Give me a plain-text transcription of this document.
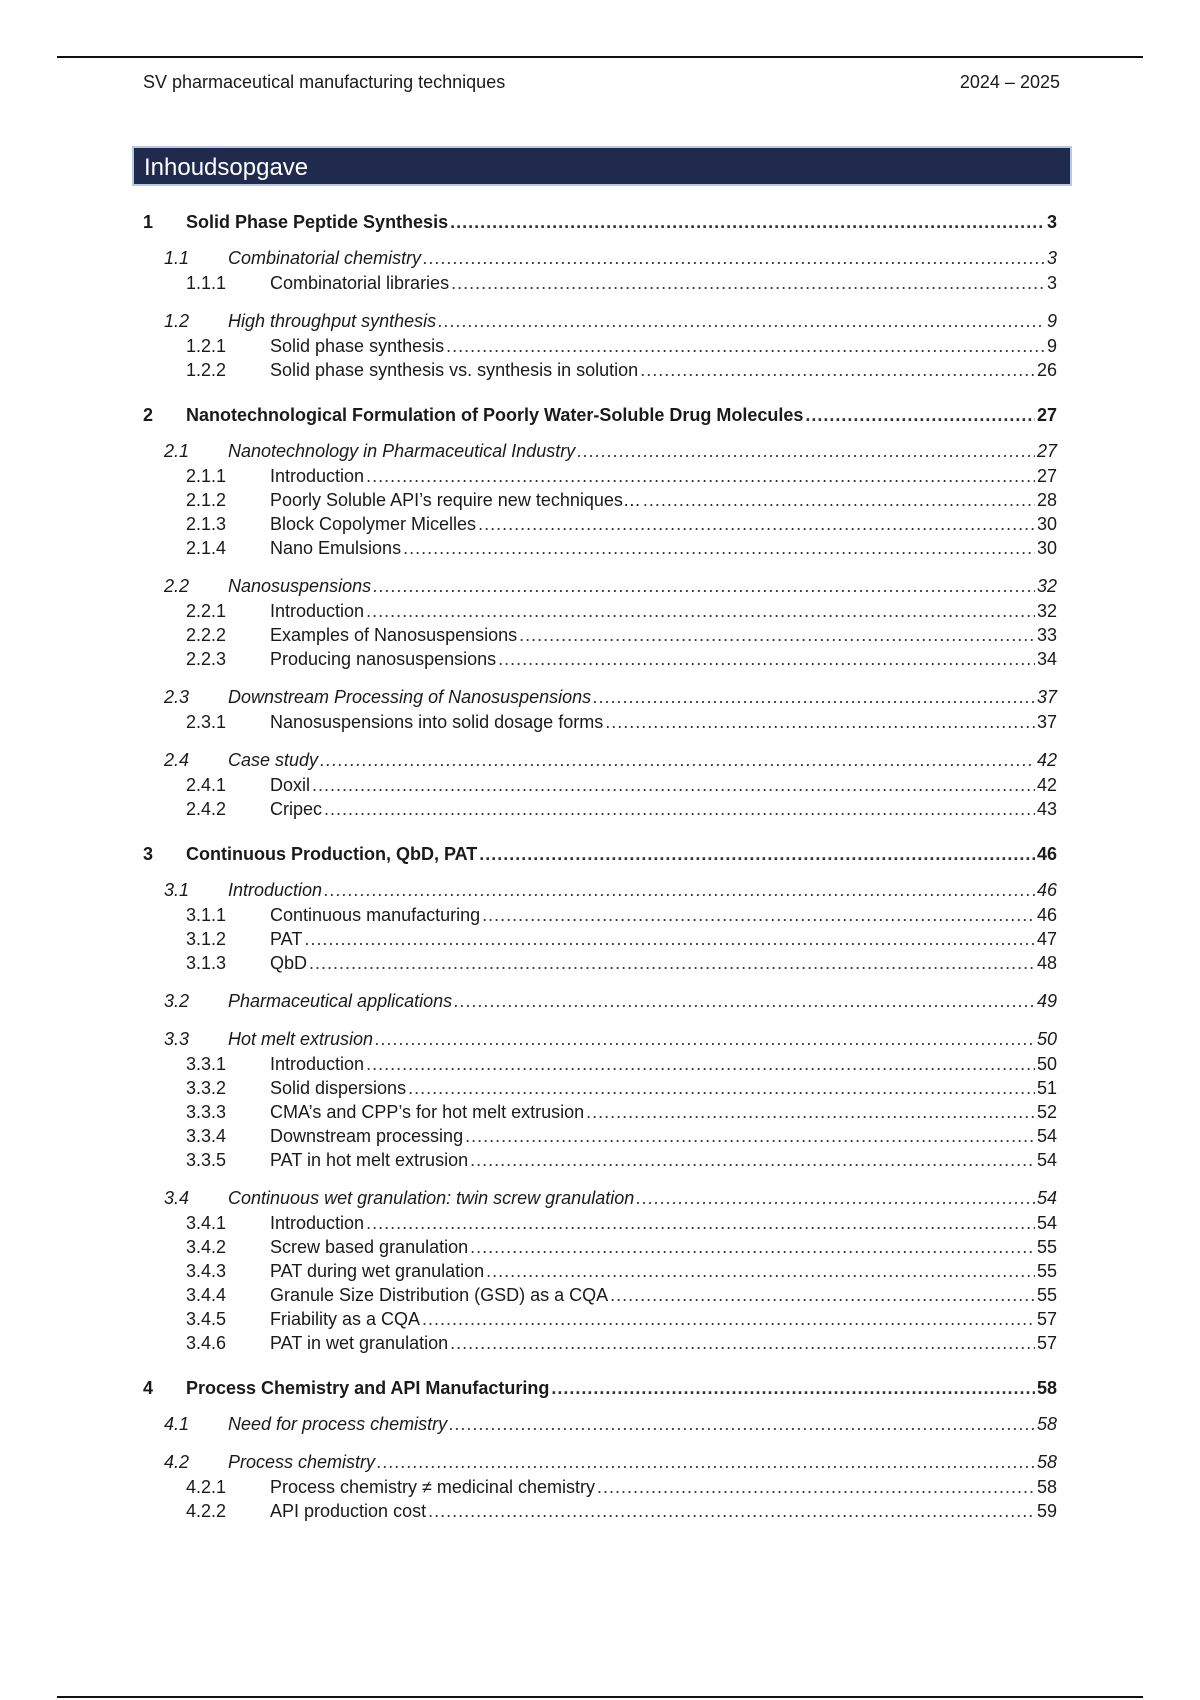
SV pharmaceutical manufacturing techniques	2024 – 2025
Inhoudsopgave
1 Solid Phase Peptide Synthesis .....	3
1.1 Combinatorial chemistry .....	3
1.1.1 Combinatorial libraries .....	3
1.2 High throughput synthesis .....	9
1.2.1 Solid phase synthesis .....	9
1.2.2 Solid phase synthesis vs. synthesis in solution .....	26
2 Nanotechnological Formulation of Poorly Water-Soluble Drug Molecules .....	27
2.1 Nanotechnology in Pharmaceutical Industry .....	27
2.1.1 Introduction .....	27
2.1.2 Poorly Soluble API’s require new techniques… .....	28
2.1.3 Block Copolymer Micelles .....	30
2.1.4 Nano Emulsions .....	30
2.2 Nanosuspensions .....	32
2.2.1 Introduction .....	32
2.2.2 Examples of Nanosuspensions .....	33
2.2.3 Producing nanosuspensions .....	34
2.3 Downstream Processing of Nanosuspensions .....	37
2.3.1 Nanosuspensions into solid dosage forms .....	37
2.4 Case study .....	42
2.4.1 Doxil .....	42
2.4.2 Cripec .....	43
3 Continuous Production, QbD, PAT .....	46
3.1 Introduction .....	46
3.1.1 Continuous manufacturing .....	46
3.1.2 PAT .....	47
3.1.3 QbD .....	48
3.2 Pharmaceutical applications .....	49
3.3 Hot melt extrusion .....	50
3.3.1 Introduction .....	50
3.3.2 Solid dispersions .....	51
3.3.3 CMA’s and CPP’s for hot melt extrusion .....	52
3.3.4 Downstream processing .....	54
3.3.5 PAT in hot melt extrusion .....	54
3.4 Continuous wet granulation: twin screw granulation .....	54
3.4.1 Introduction .....	54
3.4.2 Screw based granulation .....	55
3.4.3 PAT during wet granulation .....	55
3.4.4 Granule Size Distribution (GSD) as a CQA .....	55
3.4.5 Friability as a CQA .....	57
3.4.6 PAT in wet granulation .....	57
4 Process Chemistry and API Manufacturing .....	58
4.1 Need for process chemistry .....	58
4.2 Process chemistry .....	58
4.2.1 Process chemistry ≠ medicinal chemistry .....	58
4.2.2 API production cost .....	59
